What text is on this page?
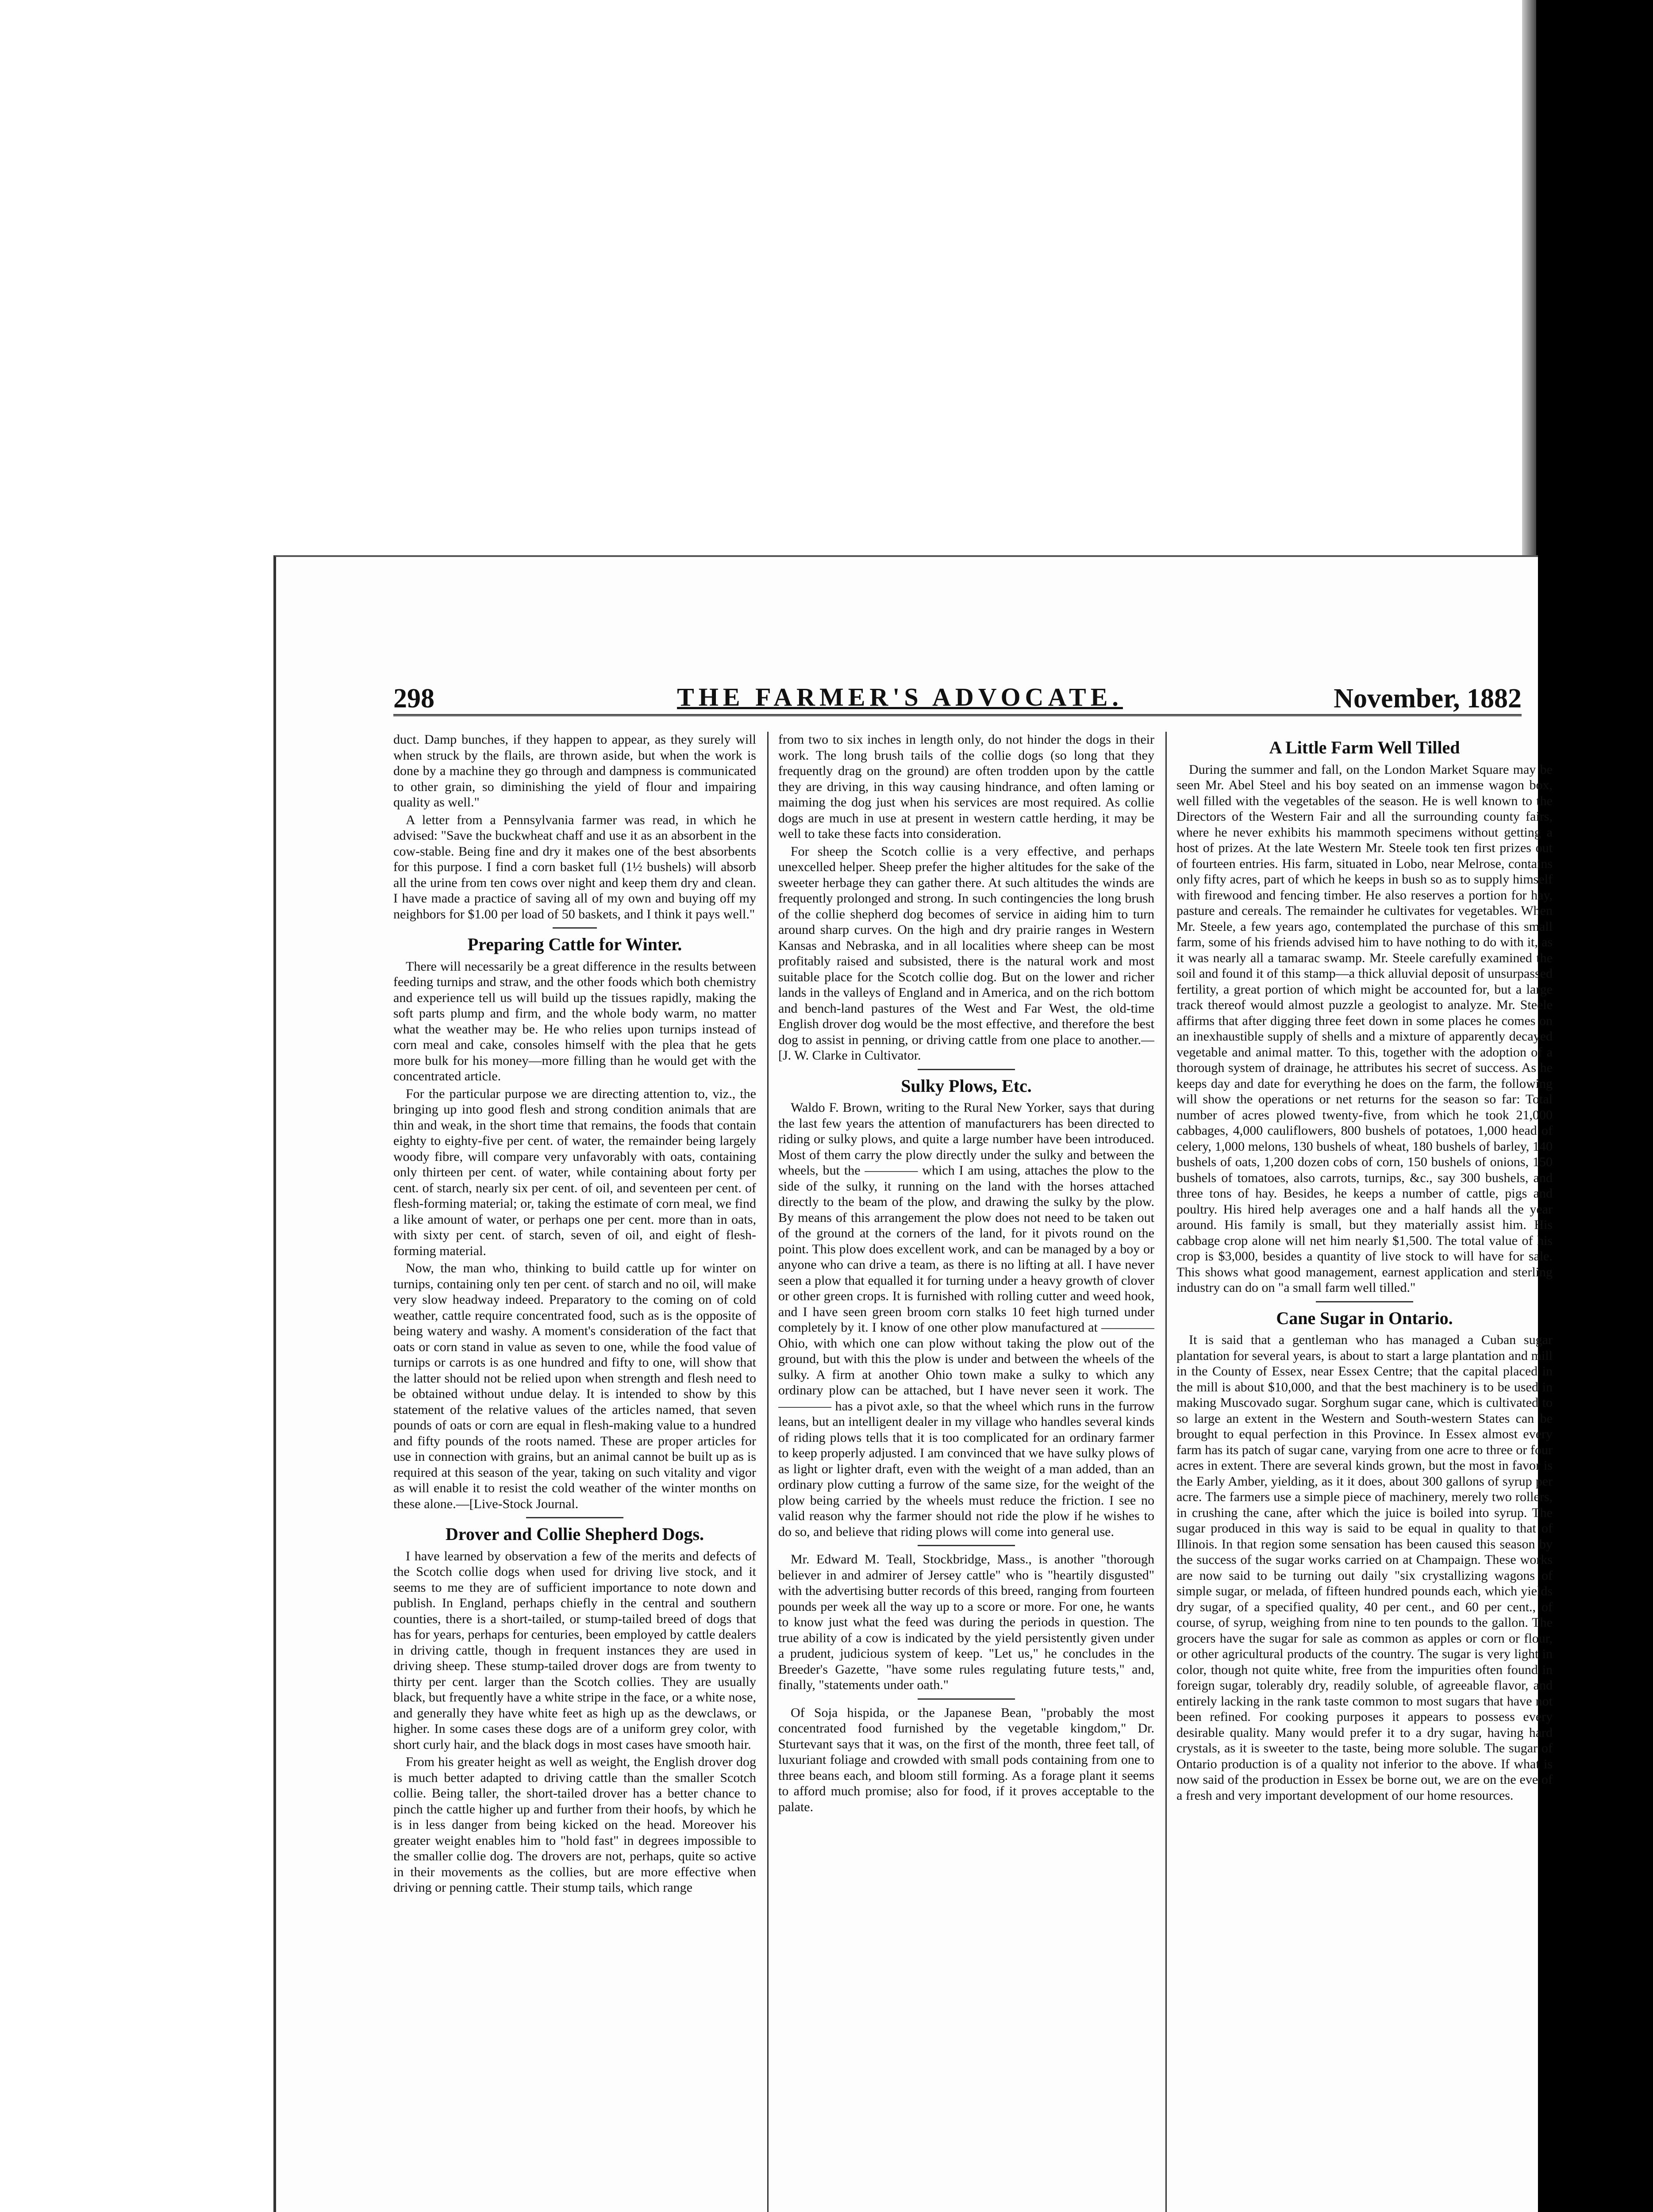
298	THE FARMER'S ADVOCATE.	November, 1882

duct. Damp bunches, if they happen to appear, as they surely will when struck by the flails, are thrown aside, but when the work is done by a machine they go through and dampness is communicated to other grain, so diminishing the yield of flour and impairing quality as well."

A letter from a Pennsylvania farmer was read, in which he advised: "Save the buckwheat chaff and use it as an absorbent in the cow-stable. Being fine and dry it makes one of the best absorbents for this purpose. I find a corn basket full (1½ bushels) will absorb all the urine from ten cows over night and keep them dry and clean. I have made a practice of saving all of my own and buying off my neighbors for $1.00 per load of 50 baskets, and I think it pays well."

Preparing Cattle for Winter.

There will necessarily be a great difference in the results between feeding turnips and straw, and the other foods which both chemistry and experience tell us will build up the tissues rapidly, making the soft parts plump and firm, and the whole body warm, no matter what the weather may be. He who relies upon turnips instead of corn meal and cake, consoles himself with the plea that he gets more bulk for his money—more filling than he would get with the concentrated article.

For the particular purpose we are directing attention to, viz., the bringing up into good flesh and strong condition animals that are thin and weak, in the short time that remains, the foods that contain eighty to eighty-five per cent. of water, the remainder being largely woody fibre, will compare very unfavorably with oats, containing only thirteen per cent. of water, while containing about forty per cent. of starch, nearly six per cent. of oil, and seventeen per cent. of flesh-forming material; or, taking the estimate of corn meal, we find a like amount of water, or perhaps one per cent. more than in oats, with sixty per cent. of starch, seven of oil, and eight of flesh-forming material.

Now, the man who, thinking to build cattle up for winter on turnips, containing only ten per cent. of starch and no oil, will make very slow headway indeed. Preparatory to the coming on of cold weather, cattle require concentrated food, such as is the opposite of being watery and washy. A moment's consideration of the fact that oats or corn stand in value as seven to one, while the food value of turnips or carrots is as one hundred and fifty to one, will show that the latter should not be relied upon when strength and flesh need to be obtained without undue delay. It is intended to show by this statement of the relative values of the articles named, that seven pounds of oats or corn are equal in flesh-making value to a hundred and fifty pounds of the roots named. These are proper articles for use in connection with grains, but an animal cannot be built up as is required at this season of the year, taking on such vitality and vigor as will enable it to resist the cold weather of the winter months on these alone.—[Live-Stock Journal.

Drover and Collie Shepherd Dogs.

I have learned by observation a few of the merits and defects of the Scotch collie dogs when used for driving live stock, and it seems to me they are of sufficient importance to note down and publish. In England, perhaps chiefly in the central and southern counties, there is a short-tailed, or stump-tailed breed of dogs that has for years, perhaps for centuries, been employed by cattle dealers in driving cattle, though in frequent instances they are used in driving sheep. These stump-tailed drover dogs are from twenty to thirty per cent. larger than the Scotch collies. They are usually black, but frequently have a white stripe in the face, or a white nose, and generally they have white feet as high up as the dewclaws, or higher. In some cases these dogs are of a uniform grey color, with short curly hair, and the black dogs in most cases have smooth hair.

From his greater height as well as weight, the English drover dog is much better adapted to driving cattle than the smaller Scotch collie. Being taller, the short-tailed drover has a better chance to pinch the cattle higher up and further from their hoofs, by which he is in less danger from being kicked on the head. Moreover his greater weight enables him to "hold fast" in degrees impossible to the smaller collie dog. The drovers are not, perhaps, quite so active in their movements as the collies, but are more effective when driving or penning cattle. Their stump tails, which range

from two to six inches in length only, do not hinder the dogs in their work. The long brush tails of the collie dogs (so long that they frequently drag on the ground) are often trodden upon by the cattle they are driving, in this way causing hindrance, and often laming or maiming the dog just when his services are most required. As collie dogs are much in use at present in western cattle herding, it may be well to take these facts into consideration.

For sheep the Scotch collie is a very effective, and perhaps unexcelled helper. Sheep prefer the higher altitudes for the sake of the sweeter herbage they can gather there. At such altitudes the winds are frequently prolonged and strong. In such contingencies the long brush of the collie shepherd dog becomes of service in aiding him to turn around sharp curves. On the high and dry prairie ranges in Western Kansas and Nebraska, and in all localities where sheep can be most profitably raised and subsisted, there is the natural work and most suitable place for the Scotch collie dog. But on the lower and richer lands in the valleys of England and in America, and on the rich bottom and bench-land pastures of the West and Far West, the old-time English drover dog would be the most effective, and therefore the best dog to assist in penning, or driving cattle from one place to another.—[J. W. Clarke in Cultivator.

Sulky Plows, Etc.

Waldo F. Brown, writing to the Rural New Yorker, says that during the last few years the attention of manufacturers has been directed to riding or sulky plows, and quite a large number have been introduced. Most of them carry the plow directly under the sulky and between the wheels, but the ———— which I am using, attaches the plow to the side of the sulky, it running on the land with the horses attached directly to the beam of the plow, and drawing the sulky by the plow. By means of this arrangement the plow does not need to be taken out of the ground at the corners of the land, for it pivots round on the point. This plow does excellent work, and can be managed by a boy or anyone who can drive a team, as there is no lifting at all. I have never seen a plow that equalled it for turning under a heavy growth of clover or other green crops. It is furnished with rolling cutter and weed hook, and I have seen green broom corn stalks 10 feet high turned under completely by it. I know of one other plow manufactured at ———— Ohio, with which one can plow without taking the plow out of the ground, but with this the plow is under and between the wheels of the sulky. A firm at another Ohio town make a sulky to which any ordinary plow can be attached, but I have never seen it work. The ———— has a pivot axle, so that the wheel which runs in the furrow leans, but an intelligent dealer in my village who handles several kinds of riding plows tells that it is too complicated for an ordinary farmer to keep properly adjusted. I am convinced that we have sulky plows of as light or lighter draft, even with the weight of a man added, than an ordinary plow cutting a furrow of the same size, for the weight of the plow being carried by the wheels must reduce the friction. I see no valid reason why the farmer should not ride the plow if he wishes to do so, and believe that riding plows will come into general use.

Mr. Edward M. Teall, Stockbridge, Mass., is another "thorough believer in and admirer of Jersey cattle" who is "heartily disgusted" with the advertising butter records of this breed, ranging from fourteen pounds per week all the way up to a score or more. For one, he wants to know just what the feed was during the periods in question. The true ability of a cow is indicated by the yield persistently given under a prudent, judicious system of keep. "Let us," he concludes in the Breeder's Gazette, "have some rules regulating future tests," and, finally, "statements under oath."

Of Soja hispida, or the Japanese Bean, "probably the most concentrated food furnished by the vegetable kingdom," Dr. Sturtevant says that it was, on the first of the month, three feet tall, of luxuriant foliage and crowded with small pods containing from one to three beans each, and bloom still forming. As a forage plant it seems to afford much promise; also for food, if it proves acceptable to the palate.

A Little Farm Well Tilled

During the summer and fall, on the London Market Square may be seen Mr. Abel Steel and his boy seated on an immense wagon box, well filled with the vegetables of the season. He is well known to the Directors of the Western Fair and all the surrounding county fairs, where he never exhibits his mammoth specimens without getting a host of prizes. At the late Western Mr. Steele took ten first prizes out of fourteen entries. His farm, situated in Lobo, near Melrose, contains only fifty acres, part of which he keeps in bush so as to supply himself with firewood and fencing timber. He also reserves a portion for hay, pasture and cereals. The remainder he cultivates for vegetables. When Mr. Steele, a few years ago, contemplated the purchase of this small farm, some of his friends advised him to have nothing to do with it, as it was nearly all a tamarac swamp. Mr. Steele carefully examined the soil and found it of this stamp—a thick alluvial deposit of unsurpassed fertility, a great portion of which might be accounted for, but a large track thereof would almost puzzle a geologist to analyze. Mr. Steele affirms that after digging three feet down in some places he comes on an inexhaustible supply of shells and a mixture of apparently decayed vegetable and animal matter. To this, together with the adoption of a thorough system of drainage, he attributes his secret of success. As he keeps day and date for everything he does on the farm, the following will show the operations or net returns for the season so far: Total number of acres plowed twenty-five, from which he took 21,000 cabbages, 4,000 cauliflowers, 800 bushels of potatoes, 1,000 head of celery, 1,000 melons, 130 bushels of wheat, 180 bushels of barley, 140 bushels of oats, 1,200 dozen cobs of corn, 150 bushels of onions, 150 bushels of tomatoes, also carrots, turnips, &c., say 300 bushels, and three tons of hay. Besides, he keeps a number of cattle, pigs and poultry. His hired help averages one and a half hands all the year around. His family is small, but they materially assist him. His cabbage crop alone will net him nearly $1,500. The total value of his crop is $3,000, besides a quantity of live stock to will have for sale. This shows what good management, earnest application and sterling industry can do on "a small farm well tilled."

Cane Sugar in Ontario.

It is said that a gentleman who has managed a Cuban sugar plantation for several years, is about to start a large plantation and mill in the County of Essex, near Essex Centre; that the capital placed in the mill is about $10,000, and that the best machinery is to be used in making Muscovado sugar. Sorghum sugar cane, which is cultivated to so large an extent in the Western and South-western States can be brought to equal perfection in this Province. In Essex almost every farm has its patch of sugar cane, varying from one acre to three or four acres in extent. There are several kinds grown, but the most in favor is the Early Amber, yielding, as it it does, about 300 gallons of syrup per acre. The farmers use a simple piece of machinery, merely two rollers, in crushing the cane, after which the juice is boiled into syrup. The sugar produced in this way is said to be equal in quality to that of Illinois. In that region some sensation has been caused this season by the success of the sugar works carried on at Champaign. These works are now said to be turning out daily "six crystallizing wagons of simple sugar, or melada, of fifteen hundred pounds each, which yields dry sugar, of a specified quality, 40 per cent., and 60 per cent., of course, of syrup, weighing from nine to ten pounds to the gallon. The grocers have the sugar for sale as common as apples or corn or flour, or other agricultural products of the country. The sugar is very light in color, though not quite white, free from the impurities often found in foreign sugar, tolerably dry, readily soluble, of agreeable flavor, and entirely lacking in the rank taste common to most sugars that have not been refined. For cooking purposes it appears to possess every desirable quality. Many would prefer it to a dry sugar, having hard crystals, as it is sweeter to the taste, being more soluble. The sugar of Ontario production is of a quality not inferior to the above. If what is now said of the production in Essex be borne out, we are on the eve of a fresh and very important development of our home resources.
